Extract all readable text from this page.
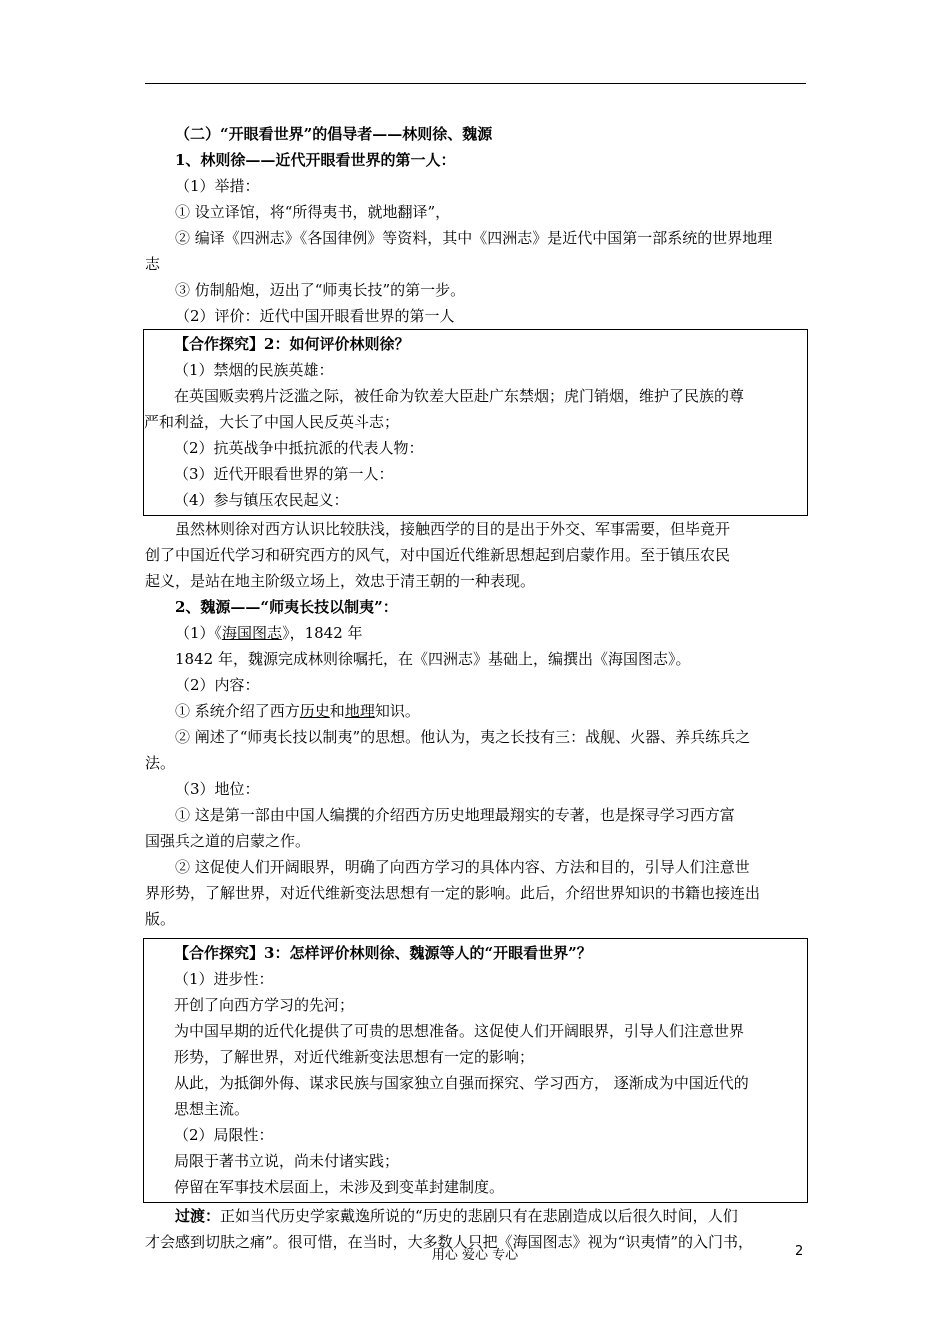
（二）“开眼看世界”的倡导者——林则徐、魏源
1、林则徐——近代开眼看世界的第一人：
（1）举措：
① 设立译馆，将“所得夷书，就地翻译”，
② 编译《四洲志》《各国律例》等资料，其中《四洲志》是近代中国第一部系统的世界地理
志
③ 仿制船炮，迈出了“师夷长技”的第一步。
（2）评价：近代中国开眼看世界的第一人
【合作探究】2：如何评价林则徐？
（1）禁烟的民族英雄：
在英国贩卖鸦片泛滥之际，被任命为钦差大臣赴广东禁烟；虎门销烟，维护了民族的尊
严和利益，大长了中国人民反英斗志；
（2）抗英战争中抵抗派的代表人物：
（3）近代开眼看世界的第一人：
（4）参与镇压农民起义：
虽然林则徐对西方认识比较肤浅，接触西学的目的是出于外交、军事需要，但毕竟开
创了中国近代学习和研究西方的风气，对中国近代维新思想起到启蒙作用。至于镇压农民
起义，是站在地主阶级立场上，效忠于清王朝的一种表现。
2、魏源——“师夷长技以制夷”：
（1）《海国图志》，1842 年
1842 年，魏源完成林则徐嘱托，在《四洲志》基础上，编撰出《海国图志》。
（2）内容：
① 系统介绍了西方历史和地理知识。
② 阐述了“师夷长技以制夷”的思想。他认为，夷之长技有三：战舰、火器、养兵练兵之
法。
（3）地位：
① 这是第一部由中国人编撰的介绍西方历史地理最翔实的专著，也是探寻学习西方富
国强兵之道的启蒙之作。
② 这促使人们开阔眼界，明确了向西方学习的具体内容、方法和目的，引导人们注意世
界形势，了解世界，对近代维新变法思想有一定的影响。此后，介绍世界知识的书籍也接连出
版。
【合作探究】3：怎样评价林则徐、魏源等人的“开眼看世界”？
（1）进步性：
开创了向西方学习的先河；
为中国早期的近代化提供了可贵的思想准备。这促使人们开阔眼界，引导人们注意世界
形势，了解世界，对近代维新变法思想有一定的影响；
从此，为抵御外侮、谋求民族与国家独立自强而探究、学习西方， 逐渐成为中国近代的
思想主流。
（2）局限性：
局限于著书立说，尚未付诸实践；
停留在军事技术层面上，未涉及到变革封建制度。
过渡：正如当代历史学家戴逸所说的“历史的悲剧只有在悲剧造成以后很久时间，人们
才会感到切肤之痛”。很可惜，在当时，大多数人只把《海国图志》视为“识夷情”的入门书，
用心 爱心 专心	2
